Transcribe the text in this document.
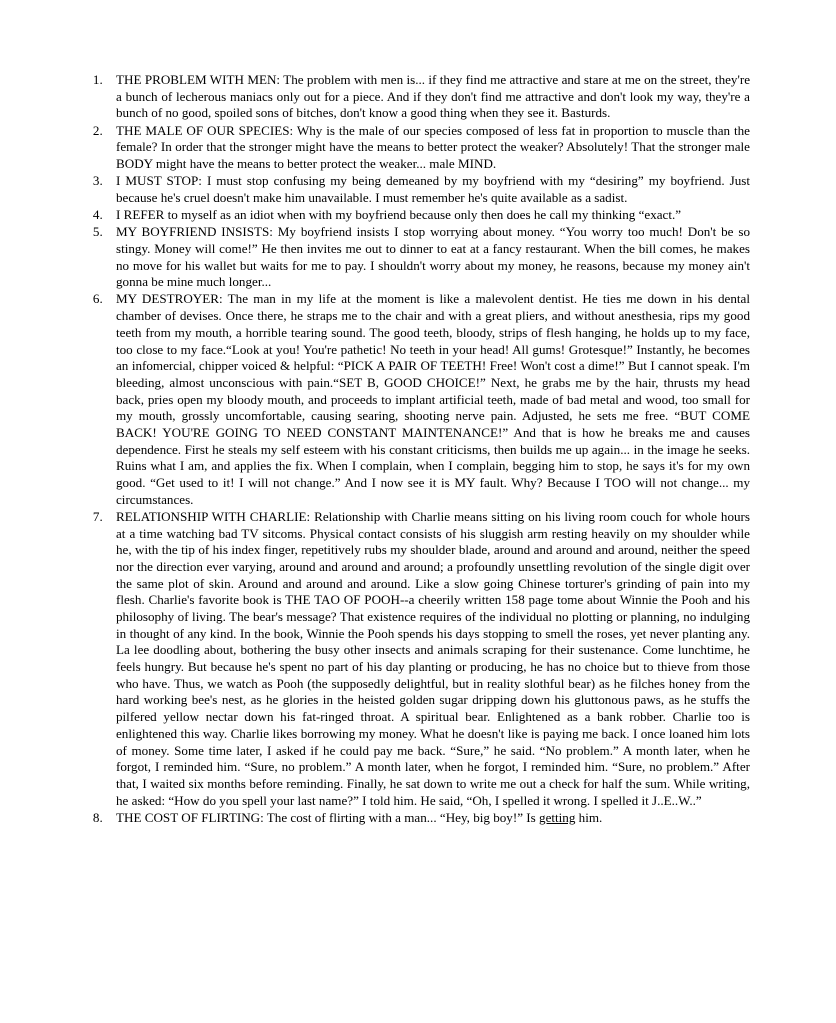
1. THE PROBLEM WITH MEN: The problem with men is... if they find me attractive and stare at me on the street, they're a bunch of lecherous maniacs only out for a piece. And if they don't find me attractive and don't look my way, they're a bunch of no good, spoiled sons of bitches, don't know a good thing when they see it. Basturds.
2. THE MALE OF OUR SPECIES: Why is the male of our species composed of less fat in proportion to muscle than the female? In order that the stronger might have the means to better protect the weaker? Absolutely! That the stronger male BODY might have the means to better protect the weaker... male MIND.
3. I MUST STOP: I must stop confusing my being demeaned by my boyfriend with my “desiring” my boyfriend. Just because he's cruel doesn't make him unavailable. I must remember he's quite available as a sadist.
4. I REFER to myself as an idiot when with my boyfriend because only then does he call my thinking “exact.”
5. MY BOYFRIEND INSISTS: My boyfriend insists I stop worrying about money. “You worry too much! Don't be so stingy. Money will come!” He then invites me out to dinner to eat at a fancy restaurant. When the bill comes, he makes no move for his wallet but waits for me to pay. I shouldn't worry about my money, he reasons, because my money ain't gonna be mine much longer...
6. MY DESTROYER: The man in my life at the moment is like a malevolent dentist. He ties me down in his dental chamber of devises. Once there, he straps me to the chair and with a great pliers, and without anesthesia, rips my good teeth from my mouth, a horrible tearing sound. The good teeth, bloody, strips of flesh hanging, he holds up to my face, too close to my face.“Look at you! You're pathetic! No teeth in your head! All gums! Grotesque!” Instantly, he becomes an infomercial, chipper voiced & helpful: “PICK A PAIR OF TEETH! Free! Won't cost a dime!” But I cannot speak. I'm bleeding, almost unconscious with pain.“SET B, GOOD CHOICE!” Next, he grabs me by the hair, thrusts my head back, pries open my bloody mouth, and proceeds to implant artificial teeth, made of bad metal and wood, too small for my mouth, grossly uncomfortable, causing searing, shooting nerve pain. Adjusted, he sets me free. “BUT COME BACK! YOU'RE GOING TO NEED CONSTANT MAINTENANCE!” And that is how he breaks me and causes dependence. First he steals my self esteem with his constant criticisms, then builds me up again... in the image he seeks. Ruins what I am, and applies the fix. When I complain, when I complain, begging him to stop, he says it's for my own good. “Get used to it! I will not change.” And I now see it is MY fault. Why? Because I TOO will not change... my circumstances.
7. RELATIONSHIP WITH CHARLIE: Relationship with Charlie means sitting on his living room couch for whole hours at a time watching bad TV sitcoms. Physical contact consists of his sluggish arm resting heavily on my shoulder while he, with the tip of his index finger, repetitively rubs my shoulder blade, around and around and around, neither the speed nor the direction ever varying, around and around and around; a profoundly unsettling revolution of the single digit over the same plot of skin. Around and around and around. Like a slow going Chinese torturer's grinding of pain into my flesh. Charlie's favorite book is THE TAO OF POOH--a cheerily written 158 page tome about Winnie the Pooh and his philosophy of living. The bear's message? That existence requires of the individual no plotting or planning, no indulging in thought of any kind. In the book, Winnie the Pooh spends his days stopping to smell the roses, yet never planting any. La lee doodling about, bothering the busy other insects and animals scraping for their sustenance. Come lunchtime, he feels hungry. But because he's spent no part of his day planting or producing, he has no choice but to thieve from those who have. Thus, we watch as Pooh (the supposedly delightful, but in reality slothful bear) as he filches honey from the hard working bee's nest, as he glories in the heisted golden sugar dripping down his gluttonous paws, as he stuffs the pilfered yellow nectar down his fat-ringed throat. A spiritual bear. Enlightened as a bank robber. Charlie too is enlightened this way. Charlie likes borrowing my money. What he doesn't like is paying me back. I once loaned him lots of money. Some time later, I asked if he could pay me back. “Sure,” he said. “No problem.” A month later, when he forgot, I reminded him. “Sure, no problem.” A month later, when he forgot, I reminded him. “Sure, no problem.” After that, I waited six months before reminding. Finally, he sat down to write me out a check for half the sum. While writing, he asked: “How do you spell your last name?” I told him. He said, “Oh, I spelled it wrong. I spelled it J..E..W..”
8. THE COST OF FLIRTING: The cost of flirting with a man... “Hey, big boy!” Is getting him.
